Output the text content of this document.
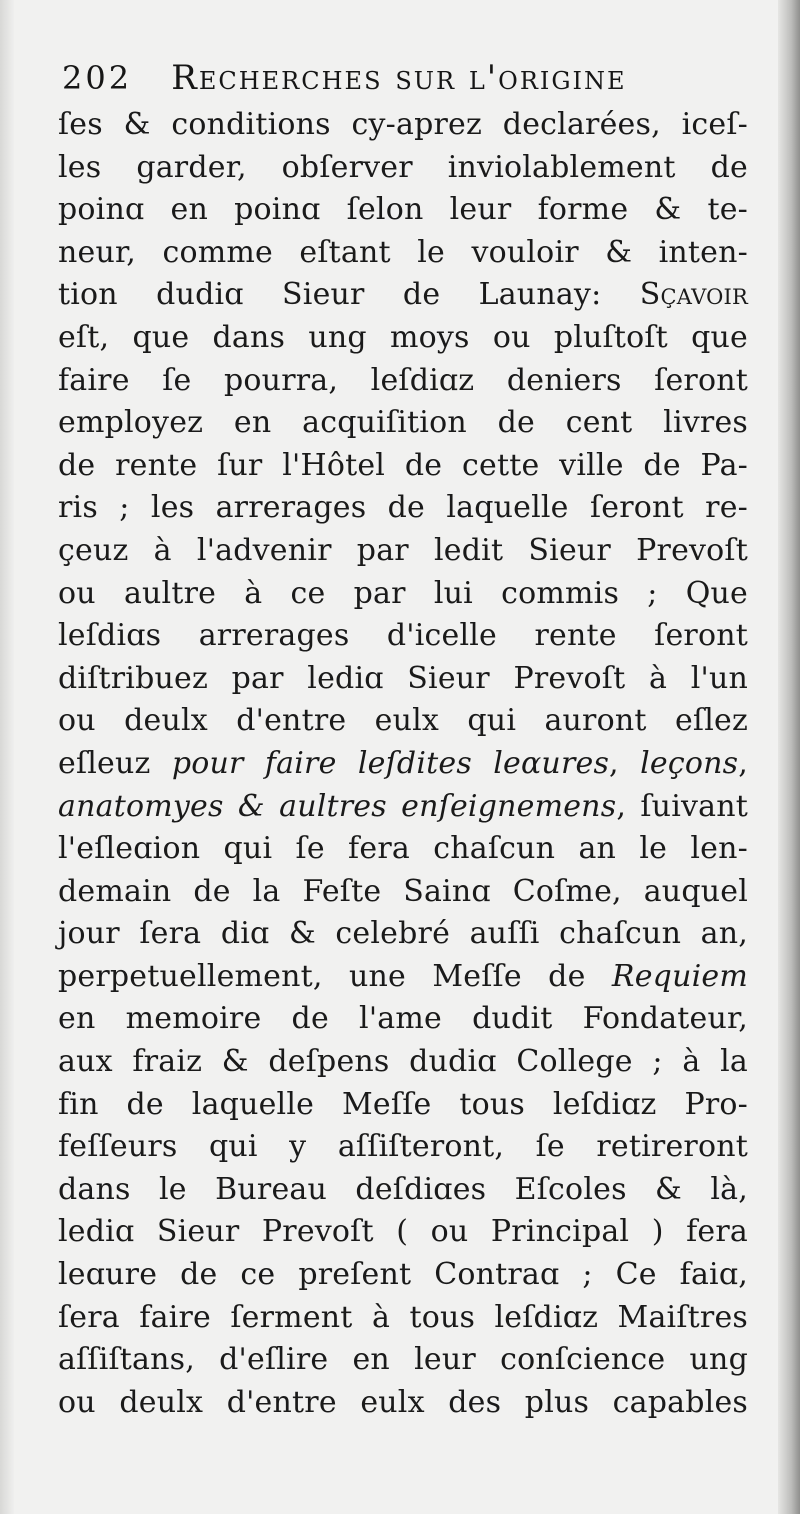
202 Recherches sur l'origine
ſes & conditions cy-aprez declarées, iceſ-
les garder, obſerver inviolablement de
poinɑ en poinɑ ſelon leur forme & te-
neur, comme eſtant le vouloir & inten-
tion dudiɑ Sieur de Launay: Sçavoir
eſt, que dans ung moys ou pluſtoſt que
faire ſe pourra, leſdiɑz deniers ſeront
employez en acquiſition de cent livres
de rente ſur l'Hôtel de cette ville de Pa-
ris ; les arrerages de laquelle ſeront re-
çeuz à l'advenir par ledit Sieur Prevoſt
ou aultre à ce par lui commis ; Que
leſdiɑs arrerages d'icelle rente ſeront
diſtribuez par lediɑ Sieur Prevoſt à l'un
ou deulx d'entre eulx qui auront eſlez
eſleuz pour faire leſdites leɑures, leçons,
anatomyes & aultres enſeignemens, ſuivant
l'eſleɑion qui ſe fera chaſcun an le len-
demain de la Feſte Sainɑ Coſme, auquel
jour ſera diɑ & celebré auſſi chaſcun an,
perpetuellement, une Meſſe de Requiem
en memoire de l'ame dudit Fondateur,
aux fraiz & deſpens dudiɑ College ; à la
fin de laquelle Meſſe tous leſdiɑz Pro-
feſſeurs qui y aſſiſteront, ſe retireront
dans le Bureau deſdiɑes Eſcoles & là,
lediɑ Sieur Prevoſt ( ou Principal ) fera
leɑure de ce preſent Contraɑ ; Ce faiɑ,
ſera faire ſerment à tous leſdiɑz Maiſtres
aſſiſtans, d'eſlire en leur conſcience ung
ou deulx d'entre eulx des plus capables
